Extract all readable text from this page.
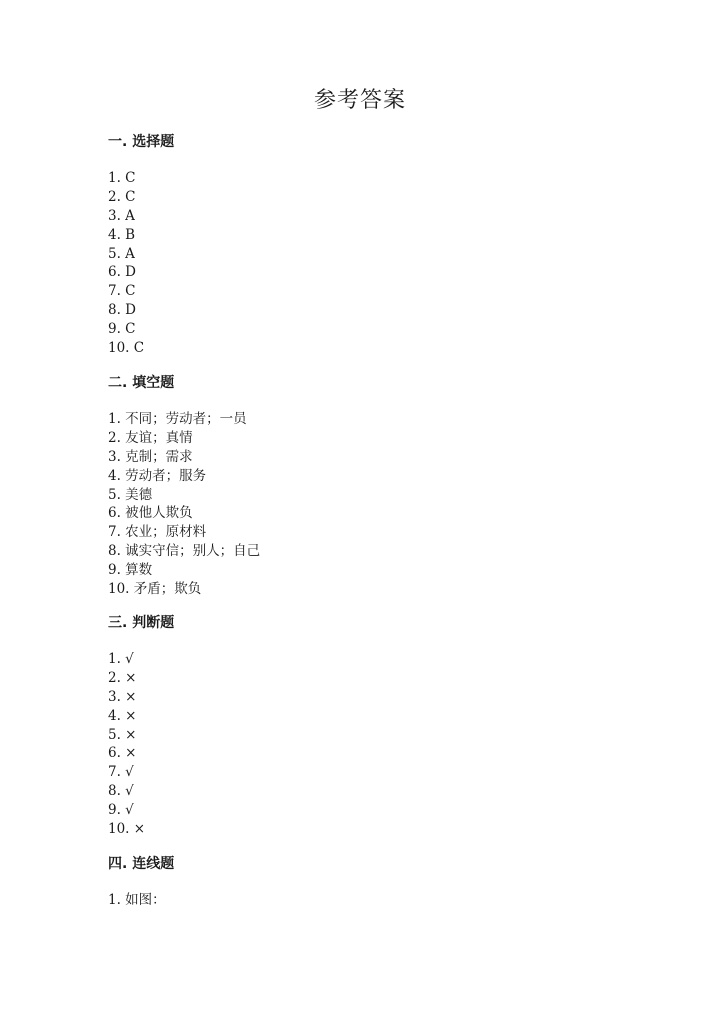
参考答案
一. 选择题
1. C
2. C
3. A
4. B
5. A
6. D
7. C
8. D
9. C
10. C
二. 填空题
1. 不同；劳动者；一员
2. 友谊；真情
3. 克制；需求
4. 劳动者；服务
5. 美德
6. 被他人欺负
7. 农业；原材料
8. 诚实守信；别人；自己
9. 算数
10. 矛盾；欺负
三. 判断题
1. √
2. ×
3. ×
4. ×
5. ×
6. ×
7. √
8. √
9. √
10. ×
四. 连线题
1. 如图：
